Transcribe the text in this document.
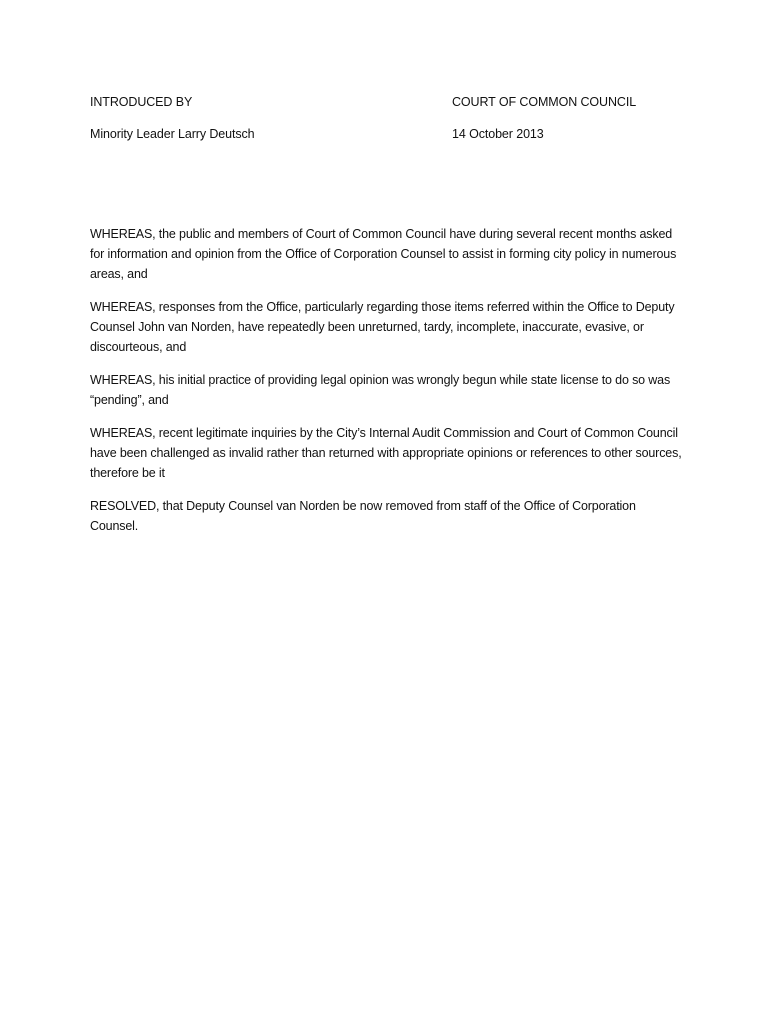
INTRODUCED BY	COURT OF COMMON COUNCIL
Minority Leader Larry Deutsch	14 October 2013

WHEREAS, the public and members of Court of Common Council have during several recent months asked for information and opinion from the Office of Corporation Counsel to assist in forming city policy in numerous areas, and

WHEREAS, responses from the Office, particularly regarding those items referred within the Office to Deputy Counsel John van Norden, have repeatedly been unreturned, tardy, incomplete, inaccurate, evasive, or discourteous, and

WHEREAS, his initial practice of providing legal opinion was wrongly begun while state license to do so was “pending”, and

WHEREAS, recent legitimate inquiries by the City’s Internal Audit Commission and Court of Common Council have been challenged as invalid rather than returned with appropriate opinions or references to other sources, therefore be it

RESOLVED, that Deputy Counsel van Norden be now removed from staff of the Office of Corporation Counsel.
